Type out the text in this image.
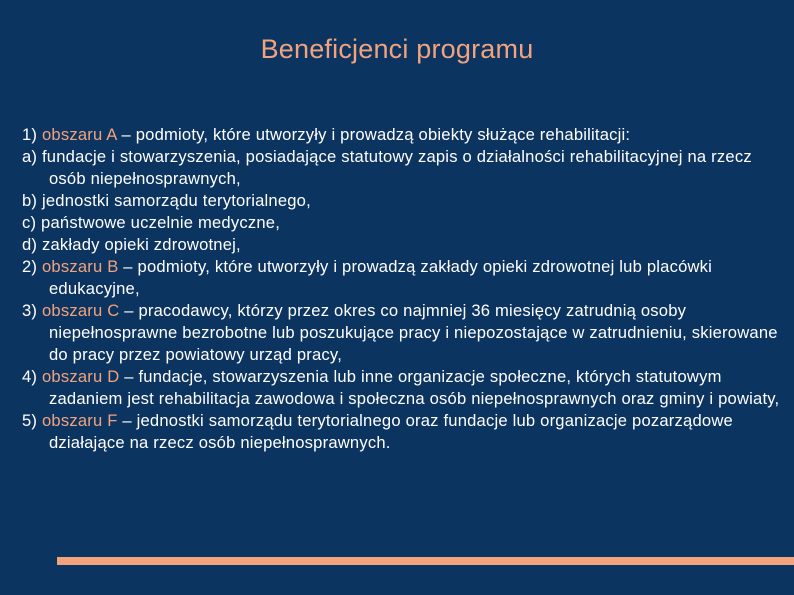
Beneficjenci programu

1) obszaru A – podmioty, które utworzyły i prowadzą obiekty służące rehabilitacji:

a) fundacje i stowarzyszenia, posiadające statutowy zapis o działalności rehabilitacyjnej na rzecz osób niepełnosprawnych,

b) jednostki samorządu terytorialnego,

c) państwowe uczelnie medyczne,

d) zakłady opieki zdrowotnej,

2) obszaru B – podmioty, które utworzyły i prowadzą zakłady opieki zdrowotnej lub placówki edukacyjne,

3) obszaru C – pracodawcy, którzy przez okres co najmniej 36 miesięcy zatrudnią osoby niepełnosprawne bezrobotne lub poszukujące pracy i niepozostające w zatrudnieniu, skierowane do pracy przez powiatowy urząd pracy,

4) obszaru D – fundacje, stowarzyszenia lub inne organizacje społeczne, których statutowym zadaniem jest rehabilitacja zawodowa i społeczna osób niepełnosprawnych oraz gminy i powiaty,

5) obszaru F – jednostki samorządu terytorialnego oraz fundacje lub organizacje pozarządowe działające na rzecz osób niepełnosprawnych.
